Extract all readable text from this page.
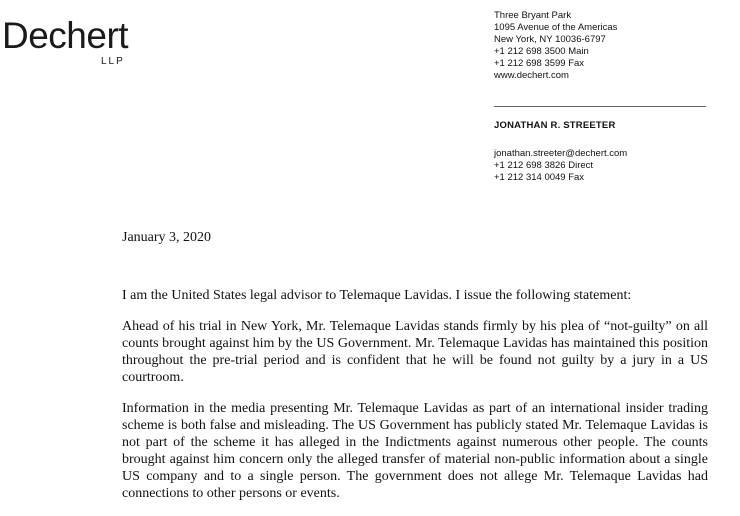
Dechert
LLP
Three Bryant Park
1095 Avenue of the Americas
New York, NY 10036-6797
+1 212 698 3500 Main
+1 212 698 3599 Fax
www.dechert.com
JONATHAN R. STREETER
jonathan.streeter@dechert.com
+1 212 698 3826 Direct
+1 212 314 0049 Fax
January 3, 2020

I am the United States legal advisor to Telemaque Lavidas. I issue the following statement:

Ahead of his trial in New York, Mr. Telemaque Lavidas stands firmly by his plea of “not-guilty” on all counts brought against him by the US Government. Mr. Telemaque Lavidas has maintained this position throughout the pre-trial period and is confident that he will be found not guilty by a jury in a US courtroom.

Information in the media presenting Mr. Telemaque Lavidas as part of an international insider trading scheme is both false and misleading. The US Government has publicly stated Mr. Telemaque Lavidas is not part of the scheme it has alleged in the Indictments against numerous other people. The counts brought against him concern only the alleged transfer of material non-public information about a single US company and to a single person. The government does not allege Mr. Telemaque Lavidas had connections to other persons or events.
